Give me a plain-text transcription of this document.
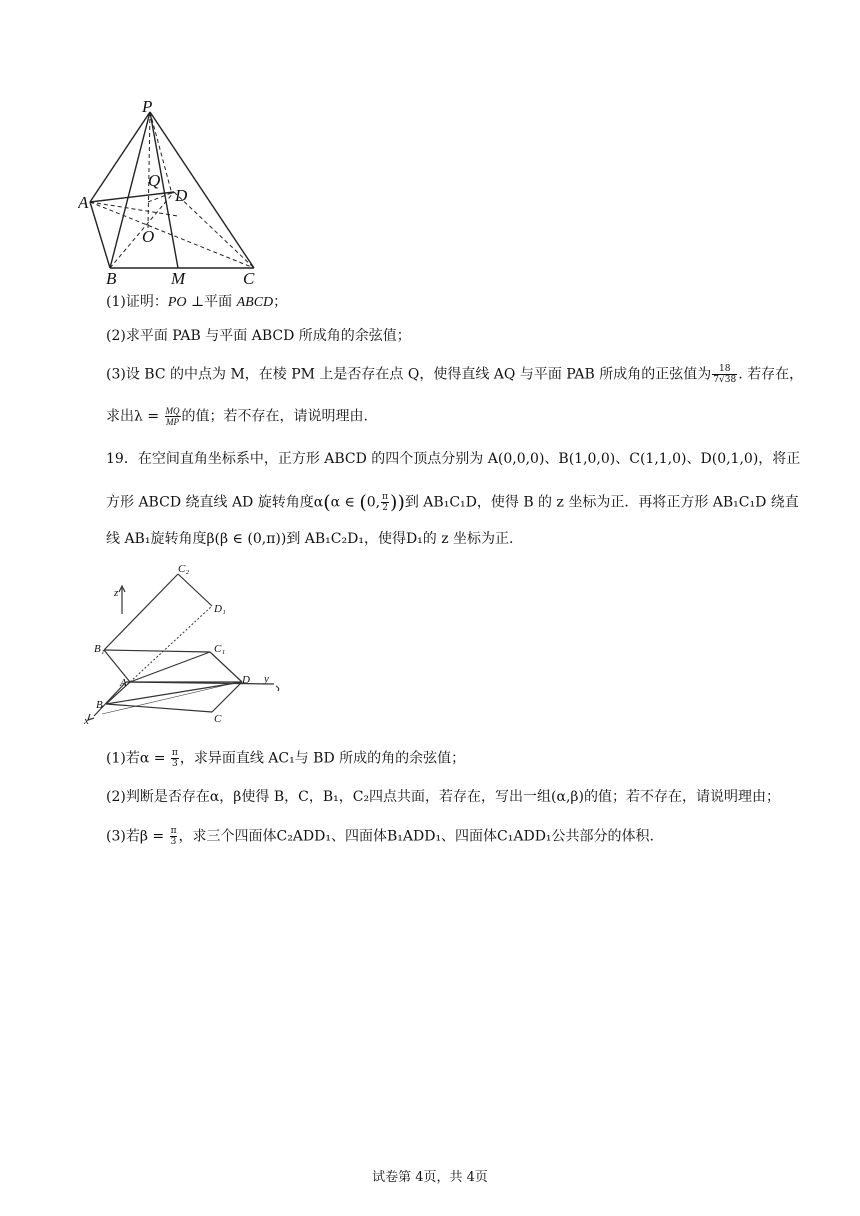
P
Q
D
A
O
B	M	C
(1)证明：PO ⊥平面 ABCD；
(2)求平面 PAB 与平面 ABCD 所成角的余弦值；
(3)设 BC 的中点为 M，在棱 PM 上是否存在点 Q，使得直线 AQ 与平面 PAB 所成角的正弦值为 $\frac{18}{7√38}$ . 若存在，
求出$\lambda = \frac{MQ}{MP}$ 的值；若不存在，请说明理由.
19．在空间直角坐标系中，正方形 ABCD 的四个顶点分别为 A(0,0,0)、B(1,0,0)、C(1,1,0)、D(0,1,0)，将正
方形 ABCD 绕直线 AD 旋转角度α(α ∈ (0, $\frac{\pi}{2}$ ))到 AB₁C₁D，使得 B 的 z 坐标为正．再将正方形 AB₁C₁D 绕直
线 AB₁旋转角度β(β ∈ (0,π))到 AB₁C₂D₁，使得D₁的 z 坐标为正.
z
C₂
D₁
B₁	C₁
A	D y
B
C
x
(1)若$\alpha = \frac{\pi}{3}$ ，求异面直线 AC₁与 BD 所成的角的余弦值；
(2)判断是否存在α，β使得 B，C，B₁，C₂四点共面，若存在，写出一组(α,β)的值；若不存在，请说明理由；
(3)若$\beta = \frac{\pi}{3}$ ，求三个四面体C₂ADD₁、四面体B₁ADD₁、四面体C₁ADD₁公共部分的体积.
试卷第 4页，共 4页
